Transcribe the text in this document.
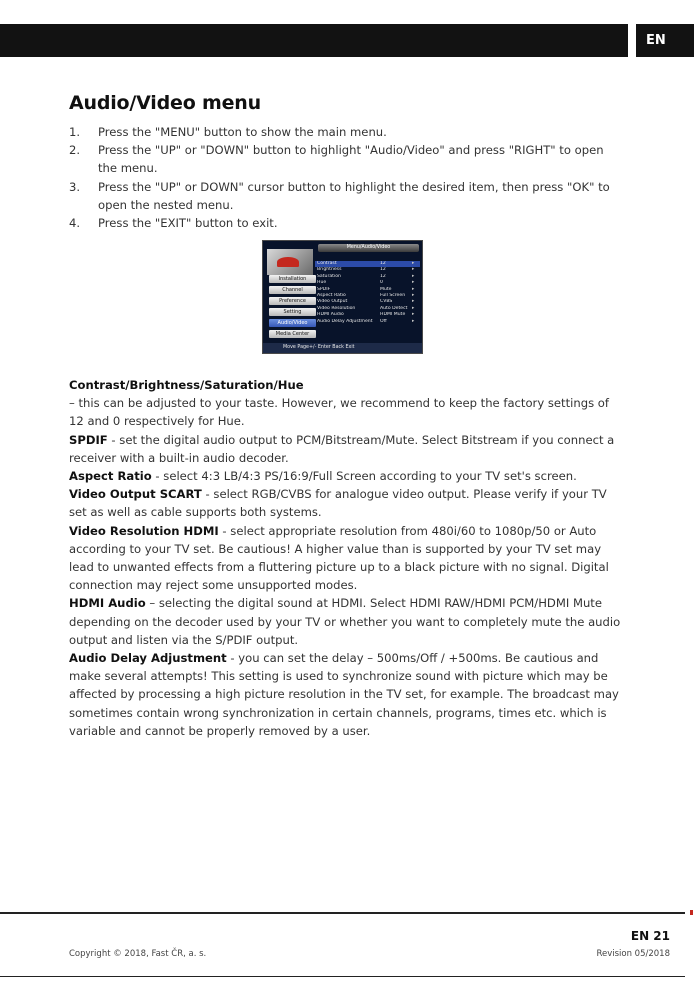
EN
Audio/Video menu
1.	Press the "MENU" button to show the main menu.
2.	Press the "UP" or "DOWN" button to highlight "Audio/Video" and press "RIGHT" to open the menu.
3.	Press the "UP" or DOWN" cursor button to highlight the desired item, then press "OK" to open the nested menu.
4.	Press the "EXIT" button to exit.
Menu/Audio/Video
Installation
Channel
Preference
Setting
Audio/Video
Media Center
Contrast	12	▸
Brightness	12	▸
Saturation	12	▸
Hue	0	▸
SPDIF	Mute	▸
Aspect Ratio	Full Screen	▸
Video Output	CVBS	▸
Video Resolution	Auto Detect ▸
HDMI Audio	HDMI Mute	▸
Audio Delay Adjustment	Off	▸
Move Page+/- Enter Back Exit
Contrast/Brightness/Saturation/Hue
– this can be adjusted to your taste. However, we recommend to keep the factory settings of 12 and 0 respectively for Hue.
SPDIF - set the digital audio output to PCM/Bitstream/Mute. Select Bitstream if you connect a receiver with a built-in audio decoder.
Aspect Ratio - select 4:3 LB/4:3 PS/16:9/Full Screen according to your TV set's screen.
Video Output SCART - select RGB/CVBS for analogue video output. Please verify if your TV set as well as cable supports both systems.
Video Resolution HDMI - select appropriate resolution from 480i/60 to 1080p/50 or Auto according to your TV set. Be cautious! A higher value than is supported by your TV set may lead to unwanted effects from a fluttering picture up to a black picture with no signal. Digital connection may reject some unsupported modes.
HDMI Audio – selecting the digital sound at HDMI. Select HDMI RAW/HDMI PCM/HDMI Mute depending on the decoder used by your TV or whether you want to completely mute the audio output and listen via the S/PDIF output.
Audio Delay Adjustment - you can set the delay – 500ms/Off / +500ms. Be cautious and make several attempts! This setting is used to synchronize sound with picture which may be affected by processing a high picture resolution in the TV set, for example. The broadcast may sometimes contain wrong synchronization in certain channels, programs, times etc. which is variable and cannot be properly removed by a user.
EN 21
Copyright © 2018, Fast ČR, a. s.	Revision 05/2018
